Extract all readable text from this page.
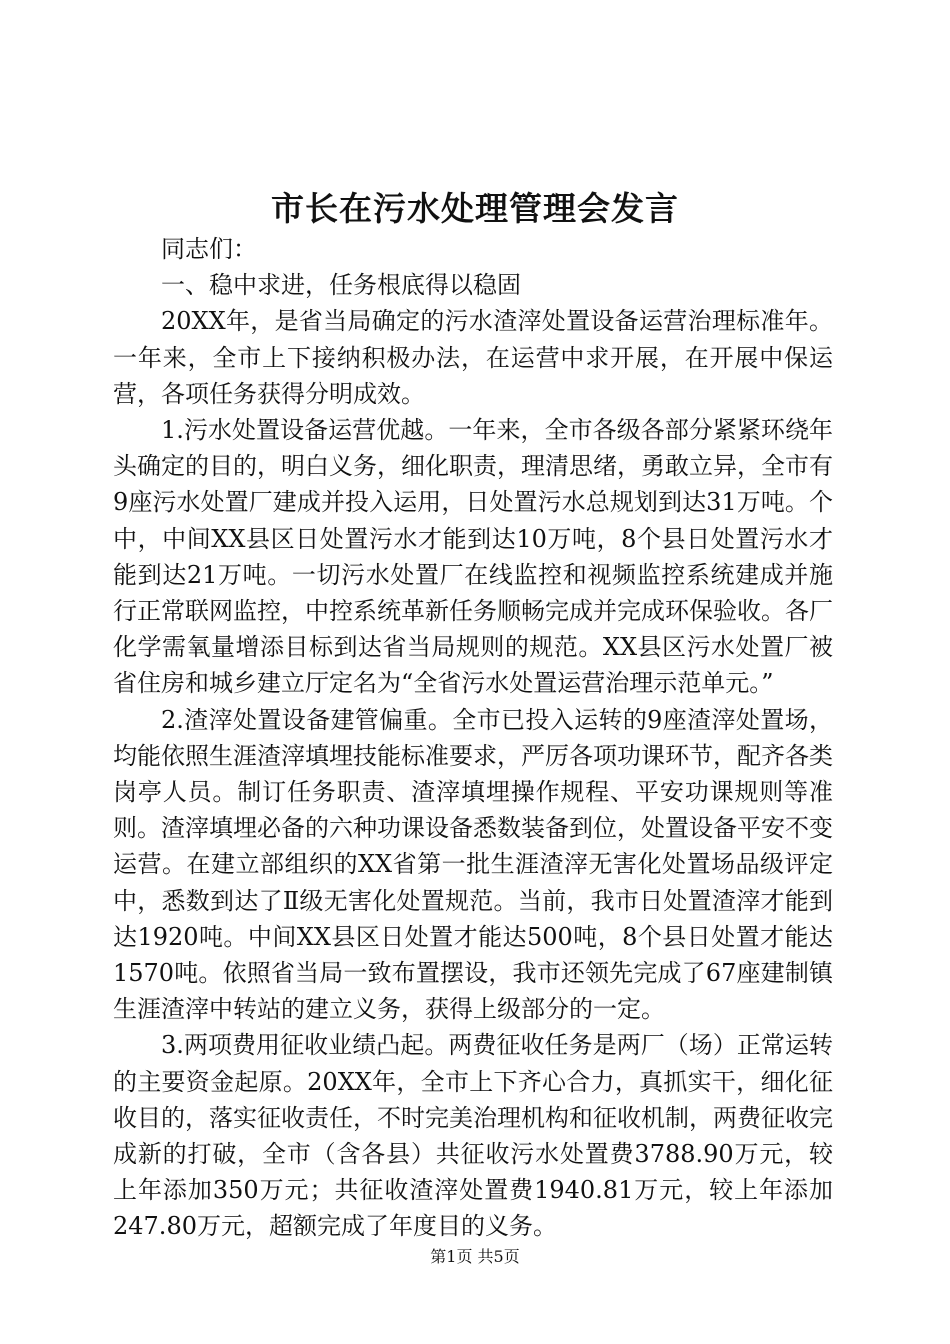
市长在污水处理管理会发言

同志们：

一、稳中求进，任务根底得以稳固

20XX年，是省当局确定的污水渣滓处置设备运营治理标准年。一年来，全市上下接纳积极办法，在运营中求开展，在开展中保运营，各项任务获得分明成效。

1.污水处置设备运营优越。一年来，全市各级各部分紧紧环绕年头确定的目的，明白义务，细化职责，理清思绪，勇敢立异，全市有9座污水处置厂建成并投入运用，日处置污水总规划到达31万吨。个中，中间XX县区日处置污水才能到达10万吨，8个县日处置污水才能到达21万吨。一切污水处置厂在线监控和视频监控系统建成并施行正常联网监控，中控系统革新任务顺畅完成并完成环保验收。各厂化学需氧量增添目标到达省当局规则的规范。XX县区污水处置厂被省住房和城乡建立厅定名为“全省污水处置运营治理示范单元。”

2.渣滓处置设备建管偏重。全市已投入运转的9座渣滓处置场，均能依照生涯渣滓填埋技能标准要求，严厉各项功课环节，配齐各类岗亭人员。制订任务职责、渣滓填埋操作规程、平安功课规则等准则。渣滓填埋必备的六种功课设备悉数装备到位，处置设备平安不变运营。在建立部组织的XX省第一批生涯渣滓无害化处置场品级评定中，悉数到达了Ⅱ级无害化处置规范。当前，我市日处置渣滓才能到达1920吨。中间XX县区日处置才能达500吨，8个县日处置才能达1570吨。依照省当局一致布置摆设，我市还领先完成了67座建制镇生涯渣滓中转站的建立义务，获得上级部分的一定。

3.两项费用征收业绩凸起。两费征收任务是两厂（场）正常运转的主要资金起原。20XX年，全市上下齐心合力，真抓实干，细化征收目的，落实征收责任，不时完美治理机构和征收机制，两费征收完成新的打破，全市（含各县）共征收污水处置费3788.90万元，较上年添加350万元；共征收渣滓处置费1940.81万元，较上年添加247.80万元，超额完成了年度目的义务。

第1页 共5页
